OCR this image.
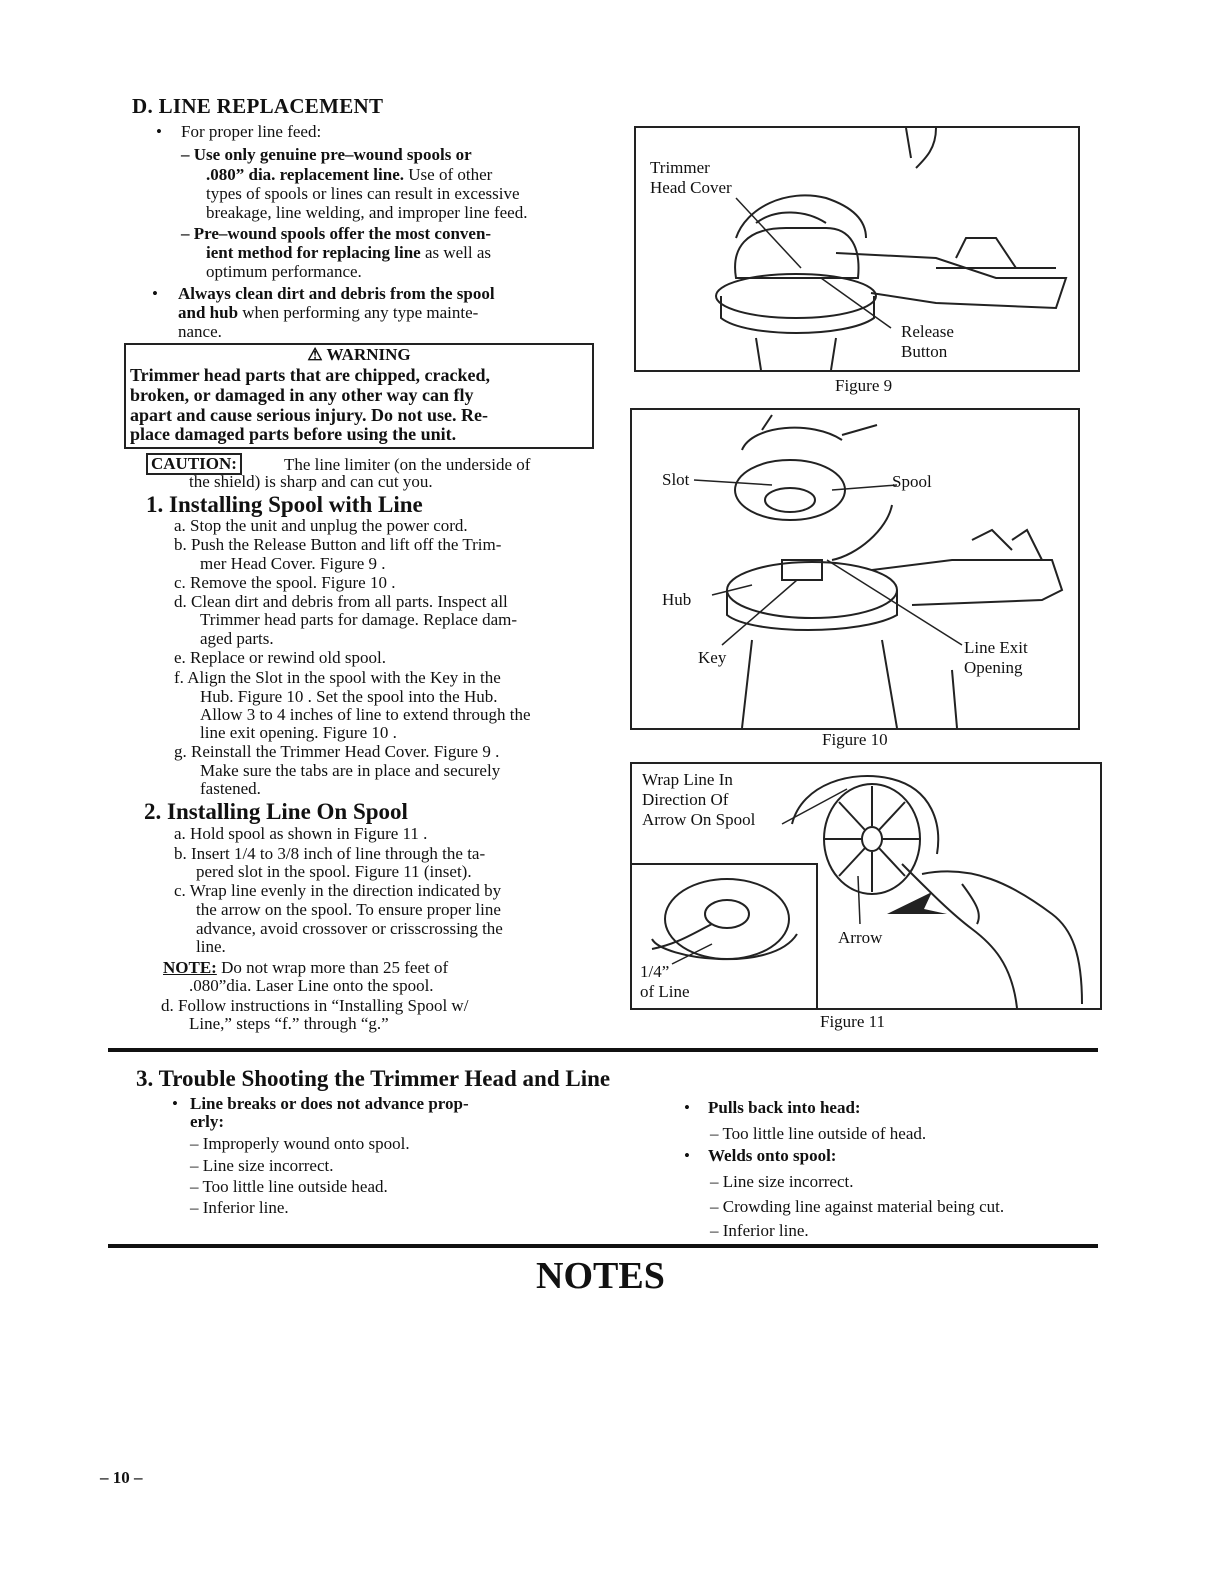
D. LINE REPLACEMENT
• For proper line feed:
– Use only genuine pre–wound spools or
.080” dia. replacement line. Use of other
types of spools or lines can result in excessive
breakage, line welding, and improper line feed.
– Pre–wound spools offer the most conven-
ient method for replacing line as well as
optimum performance.
• Always clean dirt and debris from the spool
and hub when performing any type mainte-
nance.
⚠ WARNING
Trimmer head parts that are chipped, cracked,
broken, or damaged in any other way can fly
apart and cause serious injury. Do not use. Re-
place damaged parts before using the unit.
CAUTION:	The line limiter (on the underside of
the shield) is sharp and can cut you.
1. Installing Spool with Line
a. Stop the unit and unplug the power cord.
b. Push the Release Button and lift off the Trim-
mer Head Cover. Figure 9 .
c. Remove the spool. Figure 10 .
d. Clean dirt and debris from all parts. Inspect all
Trimmer head parts for damage. Replace dam-
aged parts.
e. Replace or rewind old spool.
f. Align the Slot in the spool with the Key in the
Hub. Figure 10 . Set the spool into the Hub.
Allow 3 to 4 inches of line to extend through the
line exit opening. Figure 10 .
g. Reinstall the Trimmer Head Cover. Figure 9 .
Make sure the tabs are in place and securely
fastened.
2. Installing Line On Spool
a. Hold spool as shown in Figure 11 .
b. Insert 1/4 to 3/8 inch of line through the ta-
pered slot in the spool. Figure 11 (inset).
c. Wrap line evenly in the direction indicated by
the arrow on the spool. To ensure proper line
advance, avoid crossover or crisscrossing the
line.
NOTE: Do not wrap more than 25 feet of
.080”dia. Laser Line onto the spool.
d. Follow instructions in “Installing Spool w/
Line,” steps “f.” through “g.”
Trimmer
Head Cover
Release
Button
Figure 9
Slot	Spool
Hub
Key
Line Exit
Opening
Figure 10
Wrap Line In
Direction Of
Arrow On Spool
Arrow
1/4”
of Line
Figure 11
3. Trouble Shooting the Trimmer Head and Line
• Line breaks or does not advance prop-
erly:
– Improperly wound onto spool.
– Line size incorrect.
– Too little line outside head.
– Inferior line.
• Pulls back into head:
– Too little line outside of head.
• Welds onto spool:
– Line size incorrect.
– Crowding line against material being cut.
– Inferior line.
NOTES
– 10 –
